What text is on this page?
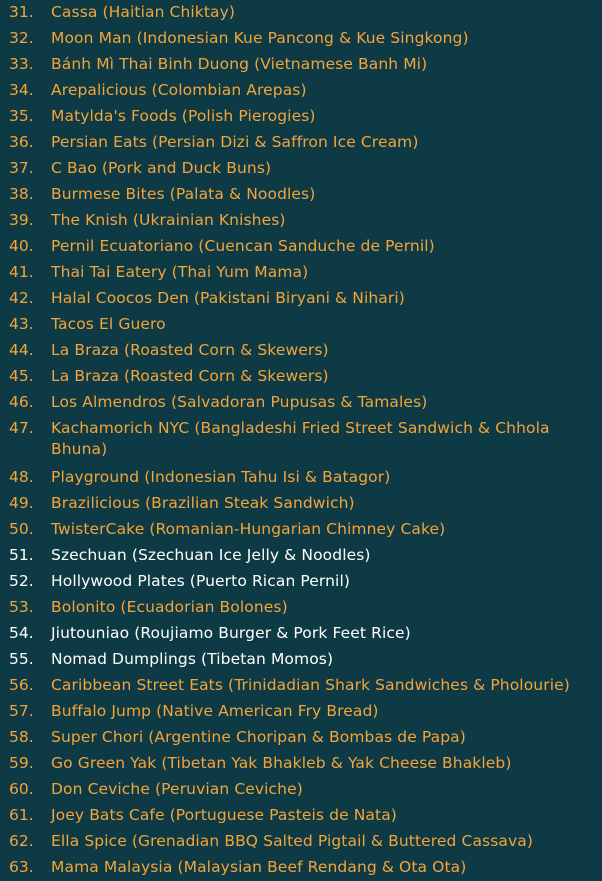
31.	Cassa (Haitian Chiktay)
32.	Moon Man (Indonesian Kue Pancong & Kue Singkong)
33.	Bánh Mì Thai Binh Duong (Vietnamese Banh Mi)
34.	Arepalicious (Colombian Arepas)
35.	Matylda's Foods (Polish Pierogies)
36.	Persian Eats (Persian Dizi & Saffron Ice Cream)
37.	C Bao (Pork and Duck Buns)
38.	Burmese Bites (Palata & Noodles)
39.	The Knish (Ukrainian Knishes)
40.	Pernil Ecuatoriano (Cuencan Sanduche de Pernil)
41.	Thai Tai Eatery (Thai Yum Mama)
42.	Halal Coocos Den (Pakistani Biryani & Nihari)
43.	Tacos El Guero
44.	La Braza (Roasted Corn & Skewers)
45.	La Braza (Roasted Corn & Skewers)
46.	Los Almendros (Salvadoran Pupusas & Tamales)
47.	Kachamorich NYC (Bangladeshi Fried Street Sandwich & Chhola Bhuna)
48.	Playground (Indonesian Tahu Isi & Batagor)
49.	Brazilicious (Brazilian Steak Sandwich)
50.	TwisterCake (Romanian-Hungarian Chimney Cake)
51.	Szechuan (Szechuan Ice Jelly & Noodles)
52.	Hollywood Plates (Puerto Rican Pernil)
53.	Bolonito (Ecuadorian Bolones)
54.	Jiutouniao (Roujiamo Burger & Pork Feet Rice)
55.	Nomad Dumplings (Tibetan Momos)
56.	Caribbean Street Eats (Trinidadian Shark Sandwiches & Pholourie)
57.	Buffalo Jump (Native American Fry Bread)
58.	Super Chori (Argentine Choripan & Bombas de Papa)
59.	Go Green Yak (Tibetan Yak Bhakleb & Yak Cheese Bhakleb)
60.	Don Ceviche (Peruvian Ceviche)
61.	Joey Bats Cafe (Portuguese Pasteis de Nata)
62.	Ella Spice (Grenadian BBQ Salted Pigtail & Buttered Cassava)
63.	Mama Malaysia (Malaysian Beef Rendang & Ota Ota)
